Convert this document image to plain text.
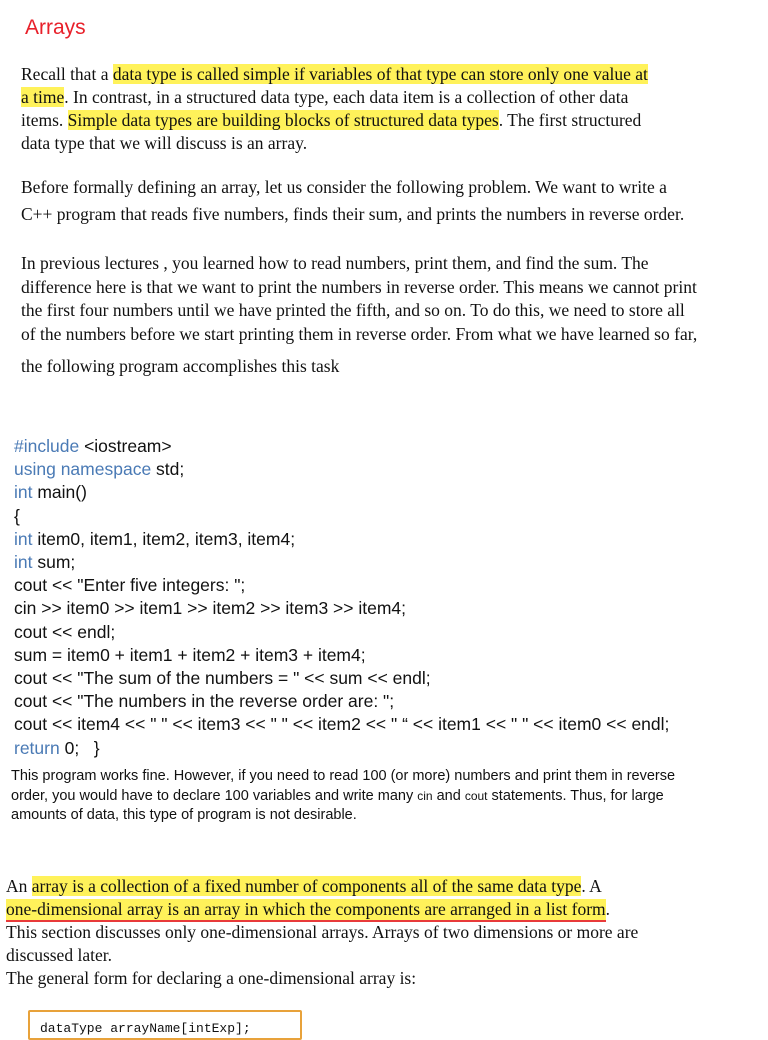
Arrays

Recall that a data type is called simple if variables of that type can store only one value at
a time. In contrast, in a structured data type, each data item is a collection of other data
items. Simple data types are building blocks of structured data types. The first structured
data type that we will discuss is an array.

Before formally defining an array, let us consider the following problem. We want to write a
C++ program that reads five numbers, finds their sum, and prints the numbers in reverse order.

In previous lectures , you learned how to read numbers, print them, and find the sum. The
difference here is that we want to print the numbers in reverse order. This means we cannot print
the first four numbers until we have printed the fifth, and so on. To do this, we need to store all
of the numbers before we start printing them in reverse order. From what we have learned so far,
the following program accomplishes this task

#include <iostream>
using namespace std;
int main()
{
int item0, item1, item2, item3, item4;
int sum;
cout << "Enter five integers: ";
cin >> item0 >> item1 >> item2 >> item3 >> item4;
cout << endl;
sum = item0 + item1 + item2 + item3 + item4;
cout << "The sum of the numbers = " << sum << endl;
cout << "The numbers in the reverse order are: ";
cout << item4 << " " << item3 << " " << item2 << " “ << item1 << " " << item0 << endl;
return 0;   }
This program works fine. However, if you need to read 100 (or more) numbers and print them in reverse
order, you would have to declare 100 variables and write many cin and cout statements. Thus, for large
amounts of data, this type of program is not desirable.

An array is a collection of a fixed number of components all of the same data type. A
one-dimensional array is an array in which the components are arranged in a list form.
This section discusses only one-dimensional arrays. Arrays of two dimensions or more are
discussed later.
The general form for declaring a one-dimensional array is:

dataType arrayName[intExp];
